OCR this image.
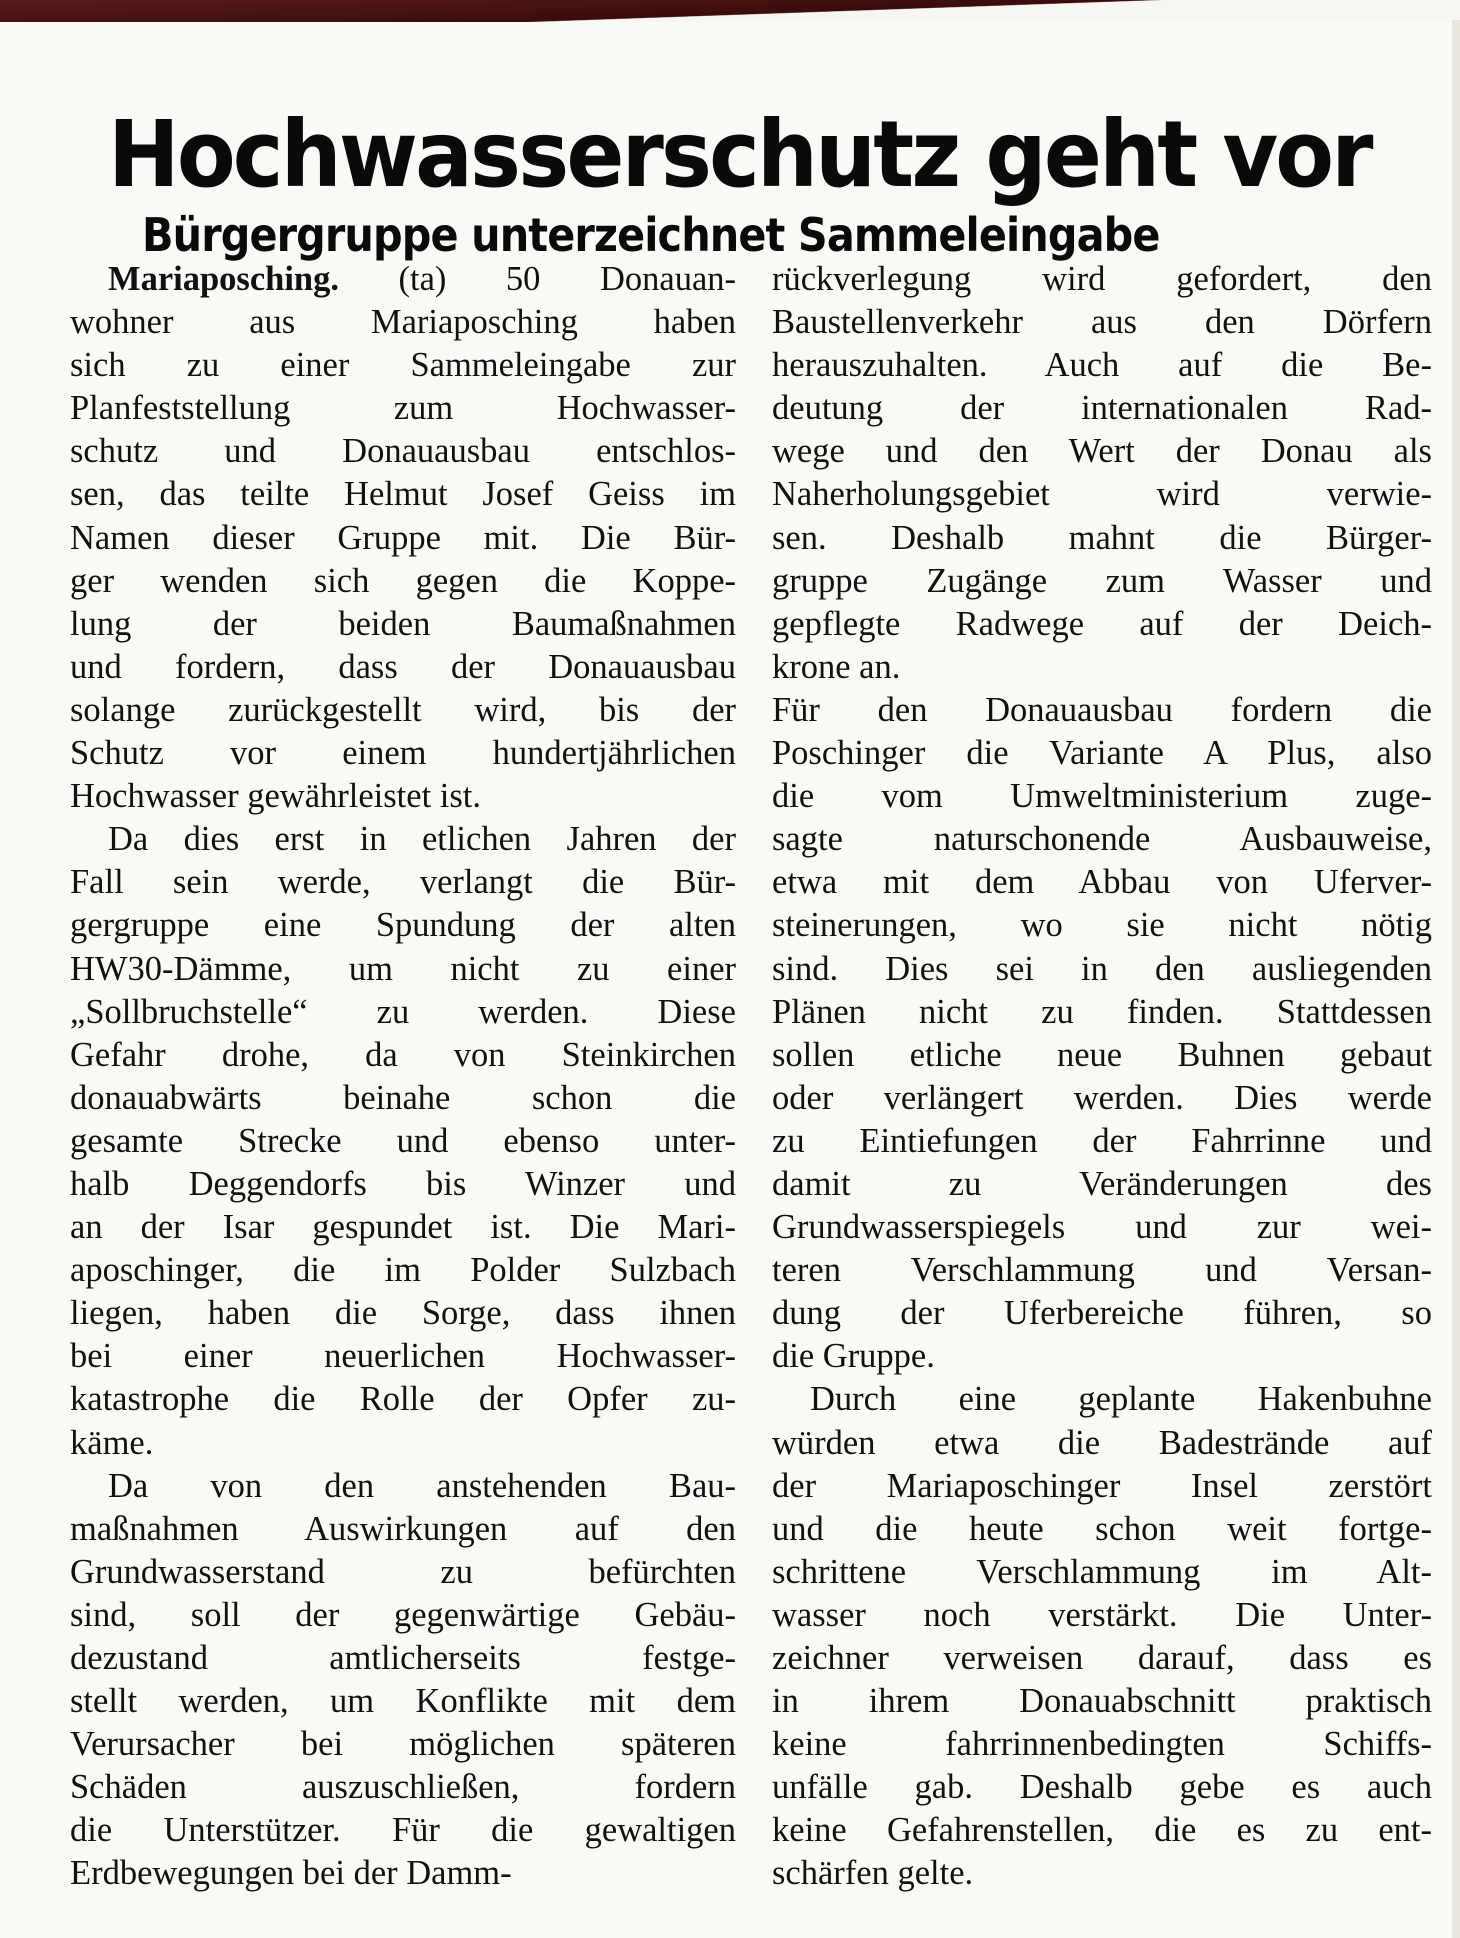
Hochwasserschutz geht vor
Bürgergruppe unterzeichnet Sammeleingabe

Mariaposching. (ta) 50 Donauan-
wohner aus Mariaposching haben
sich zu einer Sammeleingabe zur
Planfeststellung zum Hochwasser-
schutz und Donauausbau entschlos-
sen, das teilte Helmut Josef Geiss im
Namen dieser Gruppe mit. Die Bür-
ger wenden sich gegen die Koppe-
lung der beiden Baumaßnahmen
und fordern, dass der Donauausbau
solange zurückgestellt wird, bis der
Schutz vor einem hundertjährlichen
Hochwasser gewährleistet ist.

Da dies erst in etlichen Jahren der
Fall sein werde, verlangt die Bür-
gergruppe eine Spundung der alten
HW30-Dämme, um nicht zu einer
„Sollbruchstelle“ zu werden. Diese
Gefahr drohe, da von Steinkirchen
donauabwärts beinahe schon die
gesamte Strecke und ebenso unter-
halb Deggendorfs bis Winzer und
an der Isar gespundet ist. Die Mari-
aposchinger, die im Polder Sulzbach
liegen, haben die Sorge, dass ihnen
bei einer neuerlichen Hochwasser-
katastrophe die Rolle der Opfer zu-
käme.

Da von den anstehenden Bau-
maßnahmen Auswirkungen auf den
Grundwasserstand zu befürchten
sind, soll der gegenwärtige Gebäu-
dezustand amtlicherseits festge-
stellt werden, um Konflikte mit dem
Verursacher bei möglichen späteren
Schäden auszuschließen, fordern
die Unterstützer. Für die gewaltigen
Erdbewegungen bei der Damm-

rückverlegung wird gefordert, den
Baustellenverkehr aus den Dörfern
herauszuhalten. Auch auf die Be-
deutung der internationalen Rad-
wege und den Wert der Donau als
Naherholungsgebiet wird verwie-
sen. Deshalb mahnt die Bürger-
gruppe Zugänge zum Wasser und
gepflegte Radwege auf der Deich-
krone an.

Für den Donauausbau fordern die
Poschinger die Variante A Plus, also
die vom Umweltministerium zuge-
sagte naturschonende Ausbauweise,
etwa mit dem Abbau von Uferver-
steinerungen, wo sie nicht nötig
sind. Dies sei in den ausliegenden
Plänen nicht zu finden. Stattdessen
sollen etliche neue Buhnen gebaut
oder verlängert werden. Dies werde
zu Eintiefungen der Fahrrinne und
damit zu Veränderungen des
Grundwasserspiegels und zur wei-
teren Verschlammung und Versan-
dung der Uferbereiche führen, so
die Gruppe.

Durch eine geplante Hakenbuhne
würden etwa die Badestrände auf
der Mariaposchinger Insel zerstört
und die heute schon weit fortge-
schrittene Verschlammung im Alt-
wasser noch verstärkt. Die Unter-
zeichner verweisen darauf, dass es
in ihrem Donauabschnitt praktisch
keine fahrrinnenbedingten Schiffs-
unfälle gab. Deshalb gebe es auch
keine Gefahrenstellen, die es zu ent-
schärfen gelte.
